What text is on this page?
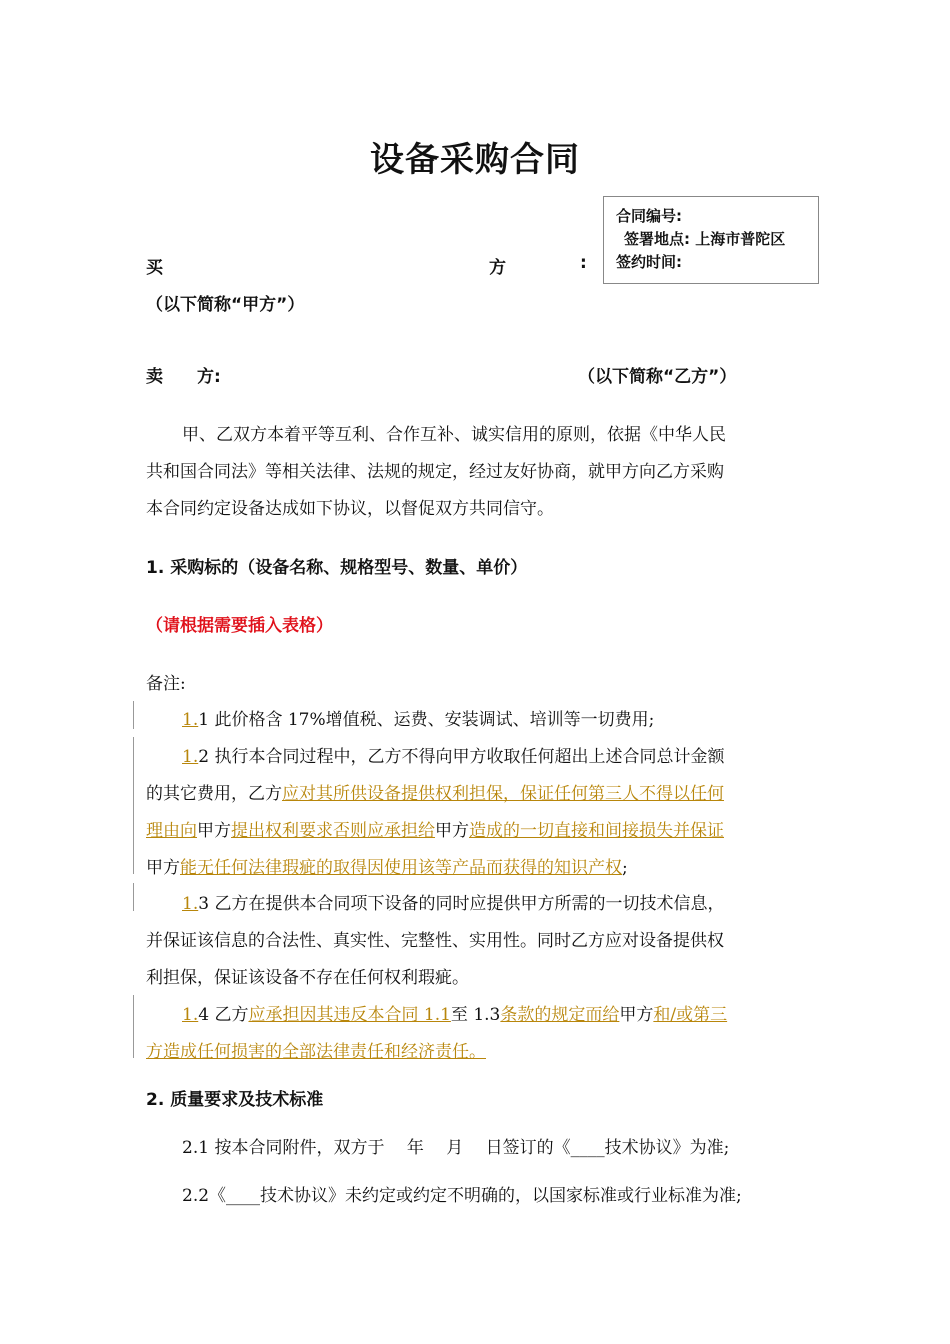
设备采购合同
合同编号:
签署地点: 上海市普陀区
签约时间:
买	方	:
（以下简称“甲方”）
卖　　方:	（以下简称“乙方”）
甲、乙双方本着平等互利、合作互补、诚实信用的原则，依据《中华人民
共和国合同法》等相关法律、法规的规定，经过友好协商，就甲方向乙方采购
本合同约定设备达成如下协议，以督促双方共同信守。
1. 采购标的（设备名称、规格型号、数量、单价）
（请根据需要插入表格）
备注:
1.1 此价格含 17%增值税、运费、安装调试、培训等一切费用;
1.2 执行本合同过程中，乙方不得向甲方收取任何超出上述合同总计金额
的其它费用，乙方应对其所供设备提供权利担保，保证任何第三人不得以任何
理由向甲方提出权利要求否则应承担给甲方造成的一切直接和间接损失并保证
甲方能无任何法律瑕疵的取得因使用该等产品而获得的知识产权;
1.3 乙方在提供本合同项下设备的同时应提供甲方所需的一切技术信息，
并保证该信息的合法性、真实性、完整性、实用性。同时乙方应对设备提供权
利担保，保证该设备不存在任何权利瑕疵。
1.4 乙方应承担因其违反本合同 1.1至 1.3条款的规定而给甲方和/或第三
方造成任何损害的全部法律责任和经济责任。
2. 质量要求及技术标准
2.1 按本合同附件，双方于　 年　 月　 日签订的《____技术协议》为准;
2.2《____技术协议》未约定或约定不明确的，以国家标准或行业标准为准;
